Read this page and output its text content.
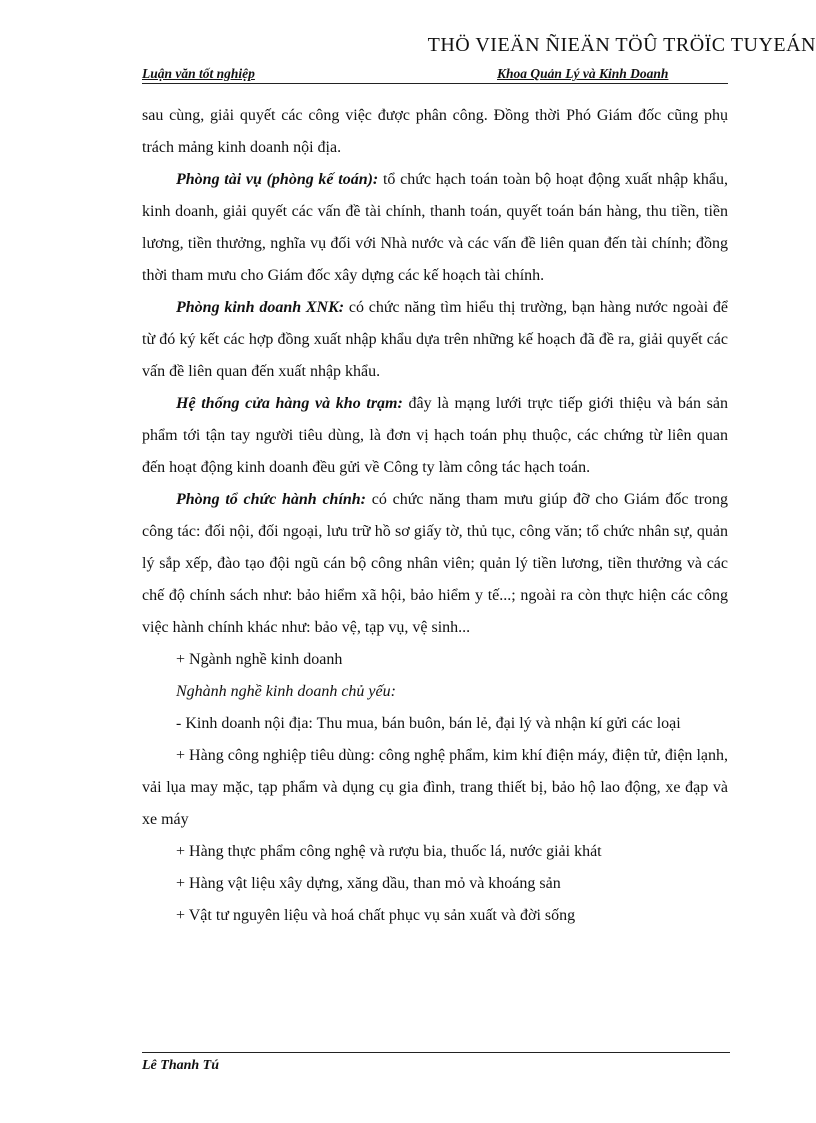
THÖ VIEÄN ÑIEÄN TÖÛ TRÖÏC TUYEÁN
Luận văn tốt nghiệp	Khoa Quản Lý và Kinh Doanh

sau cùng, giải quyết các công việc được phân công. Đồng thời Phó Giám đốc cũng phụ trách mảng kinh doanh nội địa.

Phòng tài vụ (phòng kế toán): tổ chức hạch toán toàn bộ hoạt động xuất nhập khẩu, kinh doanh, giải quyết các vấn đề tài chính, thanh toán, quyết toán bán hàng, thu tiền, tiền lương, tiền thưởng, nghĩa vụ đối với Nhà nước và các vấn đề liên quan đến tài chính; đồng thời tham mưu cho Giám đốc xây dựng các kế hoạch tài chính.

Phòng kinh doanh XNK: có chức năng tìm hiểu thị trường, bạn hàng nước ngoài để từ đó ký kết các hợp đồng xuất nhập khẩu dựa trên những kế hoạch đã đề ra, giải quyết các vấn đề liên quan đến xuất nhập khẩu.

Hệ thống cửa hàng và kho trạm: đây là mạng lưới trực tiếp giới thiệu và bán sản phẩm tới tận tay người tiêu dùng, là đơn vị hạch toán phụ thuộc, các chứng từ liên quan đến hoạt động kinh doanh đều gửi về Công ty làm công tác hạch toán.

Phòng tổ chức hành chính: có chức năng tham mưu giúp đỡ cho Giám đốc trong công tác: đối nội, đối ngoại, lưu trữ hồ sơ giấy tờ, thủ tục, công văn; tổ chức nhân sự, quản lý sắp xếp, đào tạo đội ngũ cán bộ công nhân viên; quản lý tiền lương, tiền thưởng và các chế độ chính sách như: bảo hiểm xã hội, bảo hiểm y tế...; ngoài ra còn thực hiện các công việc hành chính khác như: bảo vệ, tạp vụ, vệ sinh...

+ Ngành nghề kinh doanh

Nghành nghề kinh doanh chủ yếu:

- Kinh doanh nội địa: Thu mua, bán buôn, bán lẻ, đại lý và nhận kí gửi các loại

+ Hàng công nghiệp tiêu dùng: công nghệ phẩm, kim khí điện máy, điện tử, điện lạnh, vải lụa may mặc, tạp phẩm và dụng cụ gia đình, trang thiết bị, bảo hộ lao động, xe đạp và xe máy

+ Hàng thực phẩm công nghệ và rượu bia, thuốc lá, nước giải khát

+ Hàng vật liệu xây dựng, xăng dầu, than mỏ và khoáng sản

+ Vật tư nguyên liệu và hoá chất phục vụ sản xuất và đời sống

Lê Thanh Tú
